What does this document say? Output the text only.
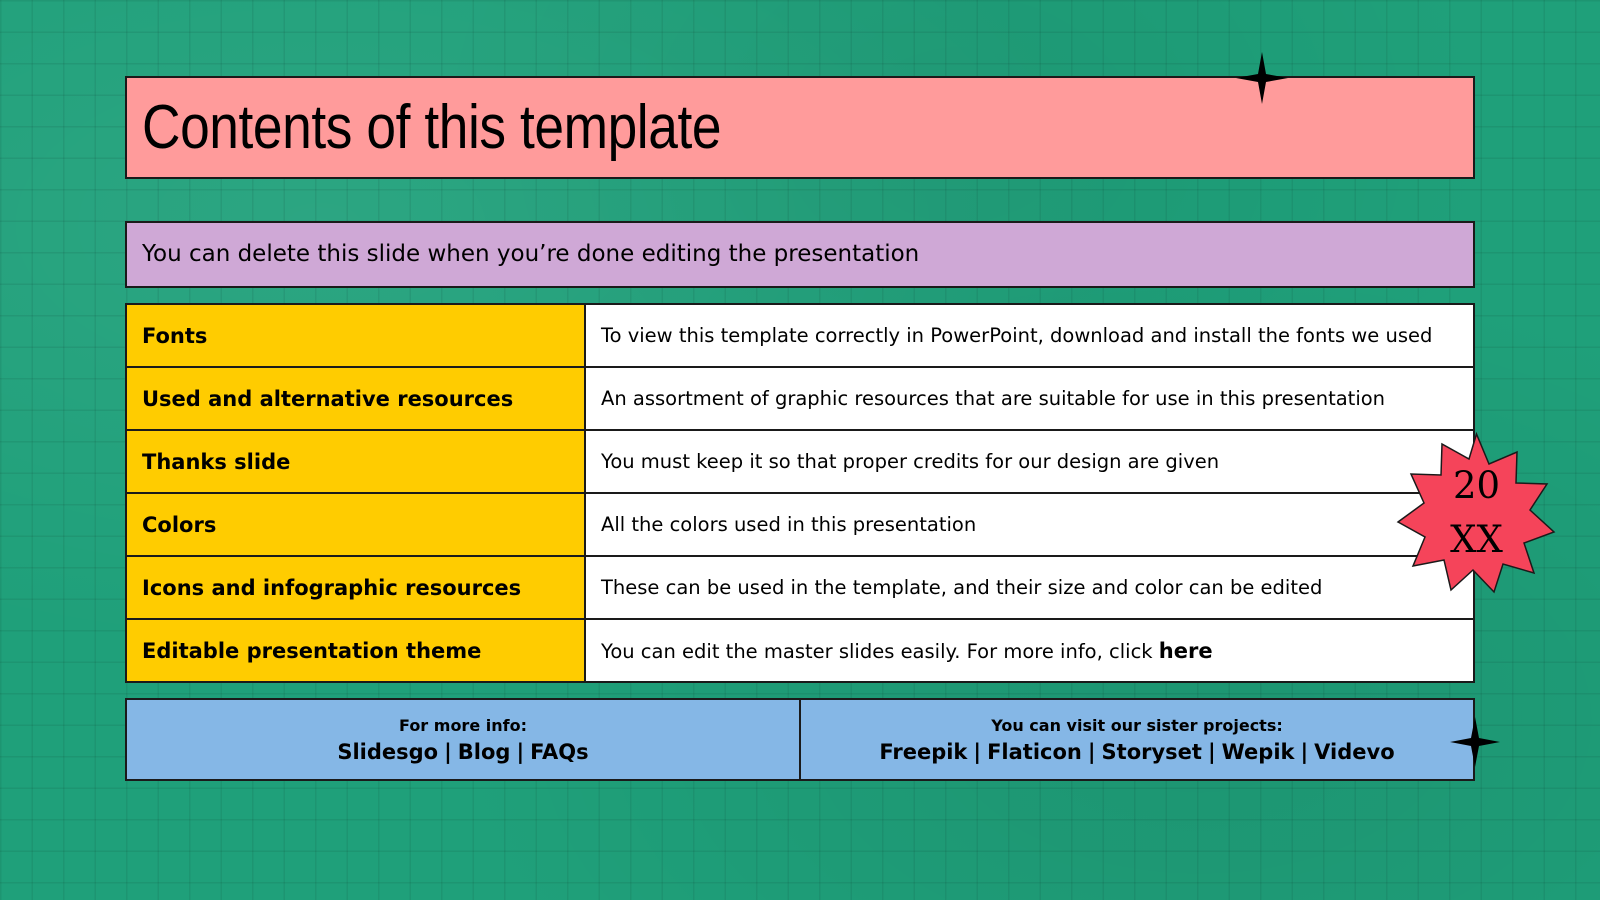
Contents of this template
You can delete this slide when you’re done editing the presentation
Fonts	To view this template correctly in PowerPoint, download and install the fonts we used
Used and alternative resources	An assortment of graphic resources that are suitable for use in this presentation
Thanks slide	You must keep it so that proper credits for our design are given
Colors	All the colors used in this presentation
Icons and infographic resources	These can be used in the template, and their size and color can be edited
Editable presentation theme	You can edit the master slides easily. For more info, click here
20
XX
For more info:
Slidesgo | Blog | FAQs
You can visit our sister projects:
Freepik | Flaticon | Storyset | Wepik | Videvo
